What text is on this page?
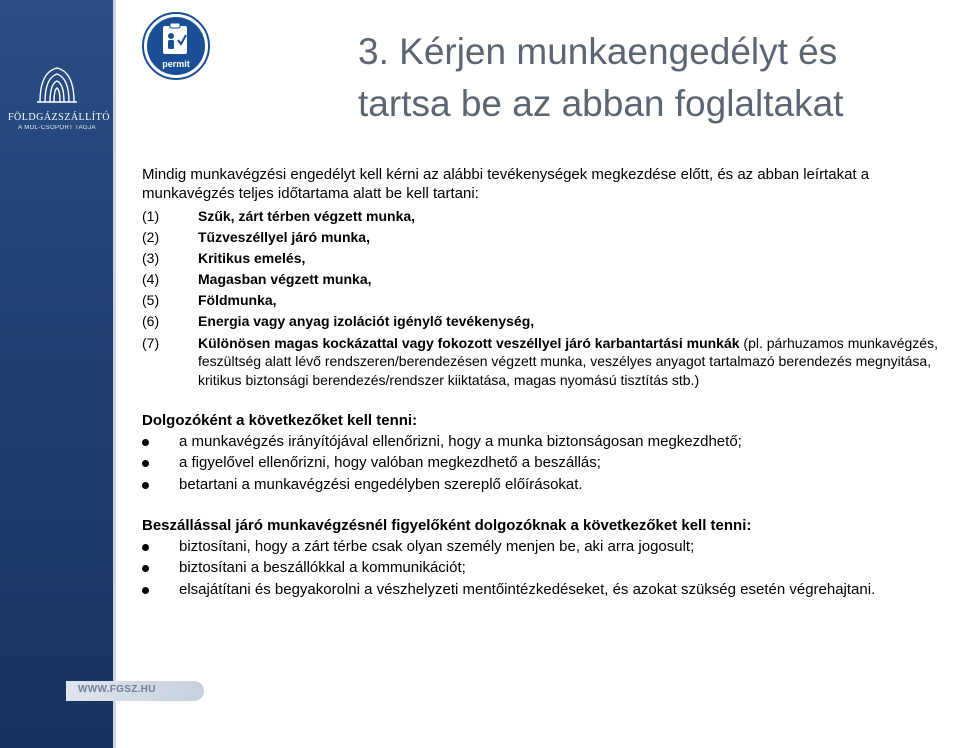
FÖLDGÁZSZÁLLÍTÓ
A MOL-CSOPORT TAGJA
WWW.FGSZ.HU
permit	3. Kérjen munkaengedélyt és
tartsa be az abban foglaltakat

Mindig munkavégzési engedélyt kell kérni az alábbi tevékenységek megkezdése előtt, és az abban leírtakat a munkavégzés teljes időtartama alatt be kell tartani:

(1)	Szűk, zárt térben végzett munka,
(2)	Tűzveszéllyel járó munka,
(3)	Kritikus emelés,
(4)	Magasban végzett munka,
(5)	Földmunka,
(6)	Energia vagy anyag izolációt igénylő tevékenység,
(7)	Különösen magas kockázattal vagy fokozott veszéllyel járó karbantartási munkák (pl. párhuzamos munkavégzés, feszültség alatt lévő rendszeren/berendezésen végzett munka, veszélyes anyagot tartalmazó berendezés megnyitása, kritikus biztonsági berendezés/rendszer kiiktatása, magas nyomású tisztítás stb.)
Dolgozóként a következőket kell tenni:
a munkavégzés irányítójával ellenőrizni, hogy a munka biztonságosan megkezdhető;
a figyelővel ellenőrizni, hogy valóban megkezdhető a beszállás;
betartani a munkavégzési engedélyben szereplő előírásokat.
Beszállással járó munkavégzésnél figyelőként dolgozóknak a következőket kell tenni:
biztosítani, hogy a zárt térbe csak olyan személy menjen be, aki arra jogosult;
biztosítani a beszállókkal a kommunikációt;
elsajátítani és begyakorolni a vészhelyzeti mentőintézkedéseket, és azokat szükség esetén végrehajtani.
